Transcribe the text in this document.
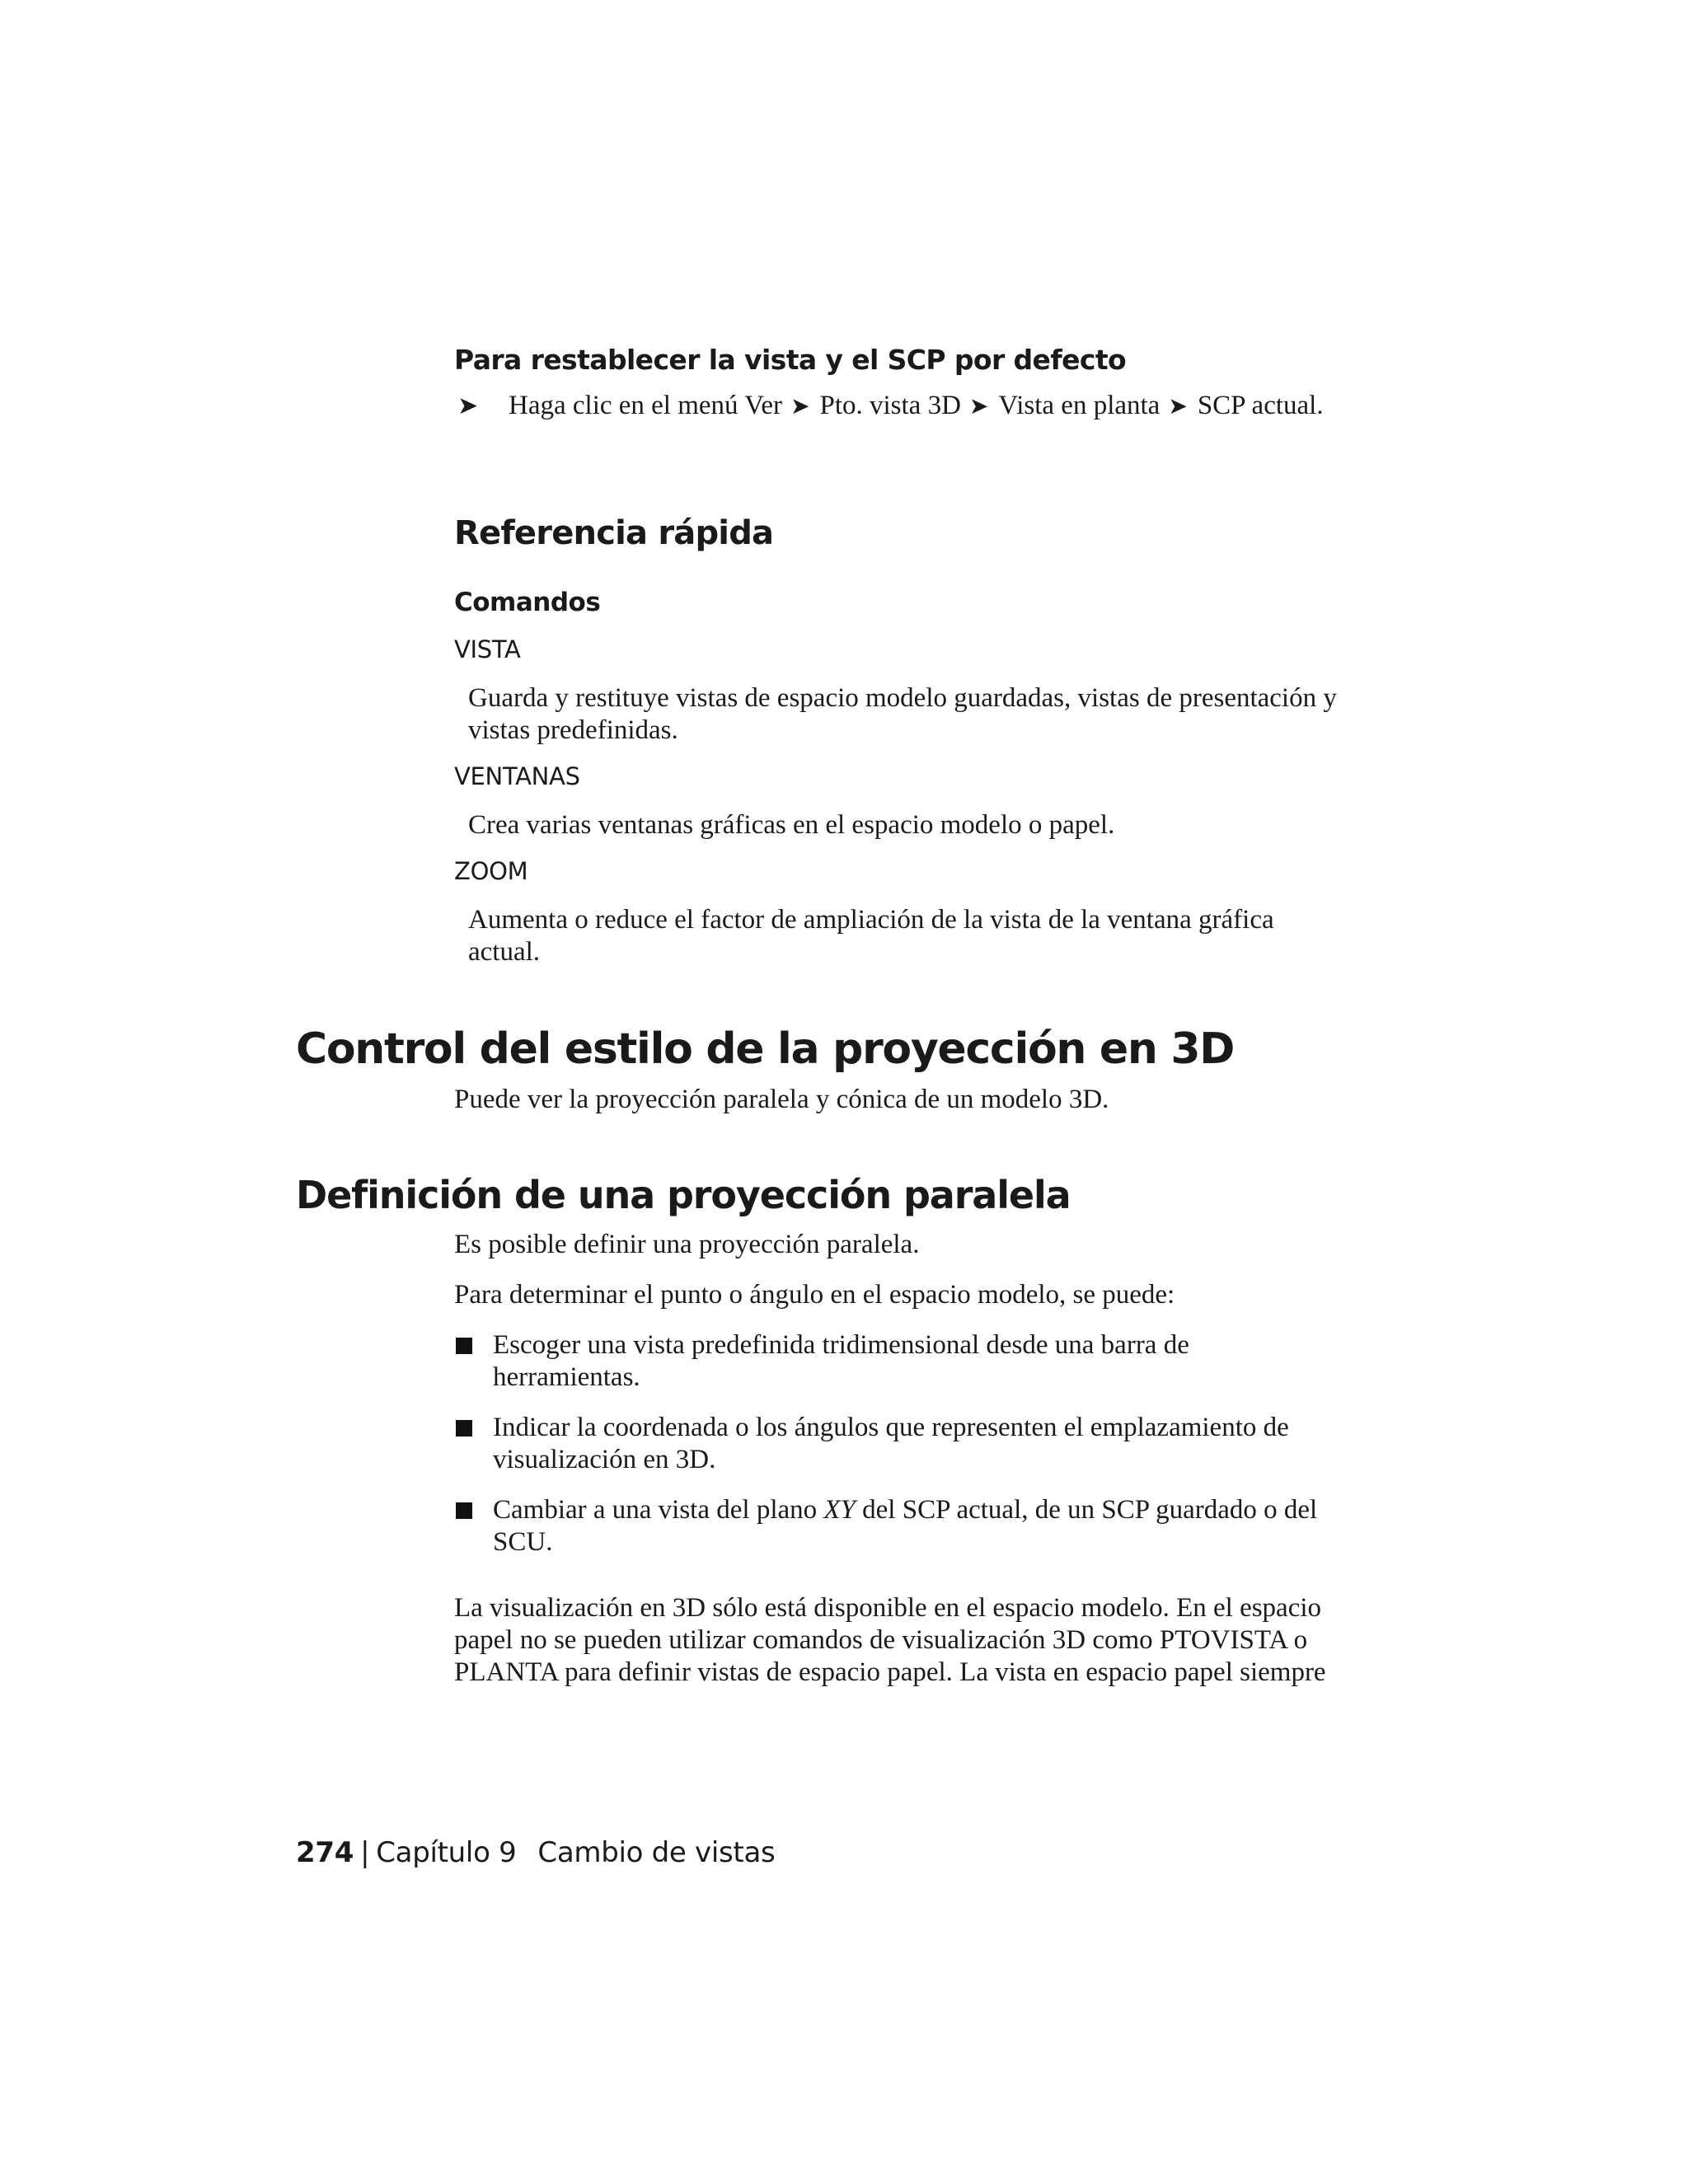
Para restablecer la vista y el SCP por defecto
➤ Haga clic en el menú Ver ➤ Pto. vista 3D ➤ Vista en planta ➤ SCP actual.
Referencia rápida
Comandos
VISTA
Guarda y restituye vistas de espacio modelo guardadas, vistas de presentación y vistas predefinidas.
VENTANAS
Crea varias ventanas gráficas en el espacio modelo o papel.
ZOOM
Aumenta o reduce el factor de ampliación de la vista de la ventana gráfica actual.
Control del estilo de la proyección en 3D
Puede ver la proyección paralela y cónica de un modelo 3D.
Definición de una proyección paralela
Es posible definir una proyección paralela.
Para determinar el punto o ángulo en el espacio modelo, se puede:
Escoger una vista predefinida tridimensional desde una barra de herramientas.
Indicar la coordenada o los ángulos que representen el emplazamiento de visualización en 3D.
Cambiar a una vista del plano XY del SCP actual, de un SCP guardado o del SCU.
La visualización en 3D sólo está disponible en el espacio modelo. En el espacio papel no se pueden utilizar comandos de visualización 3D como PTOVISTA o PLANTA para definir vistas de espacio papel. La vista en espacio papel siempre
274 | Capítulo 9 Cambio de vistas
